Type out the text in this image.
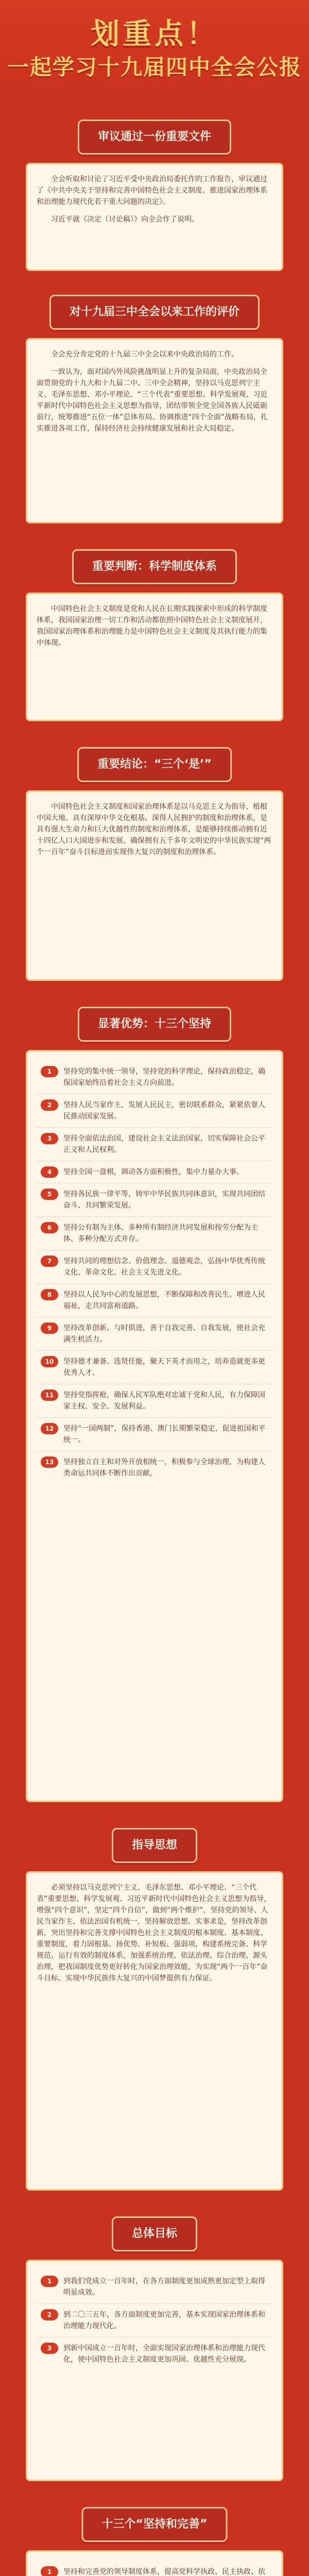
划重点！
一起学习十九届四中全会公报
审议通过一份重要文件

全会听取和讨论了习近平受中央政治局委托作的工作报告，审议通过了《中共中央关于坚持和完善中国特色社会主义制度、推进国家治理体系和治理能力现代化若干重大问题的决定》。

习近平就《决定（讨论稿）》向全会作了说明。

对十九届三中全会以来工作的评价

全会充分肯定党的十九届三中全会以来中央政治局的工作。

一致认为，面对国内外风险挑战明显上升的复杂局面，中央政治局全面贯彻党的十九大和十九届二中、三中全会精神，坚持以马克思列宁主义、毛泽东思想、邓小平理论、“三个代表”重要思想、科学发展观、习近平新时代中国特色社会主义思想为指导，团结带领全党全国各族人民砥砺前行，统筹推进“五位一体”总体布局、协调推进“四个全面”战略布局，扎实推进各项工作，保持经济社会持续健康发展和社会大局稳定。

重要判断：科学制度体系

中国特色社会主义制度是党和人民在长期实践探索中形成的科学制度体系，我国国家治理一切工作和活动都依照中国特色社会主义制度展开，我国国家治理体系和治理能力是中国特色社会主义制度及其执行能力的集中体现。

重要结论：“三个‘是’”

中国特色社会主义制度和国家治理体系是以马克思主义为指导、植根中国大地、具有深厚中华文化根基、深得人民拥护的制度和治理体系，是具有强大生命力和巨大优越性的制度和治理体系，是能够持续推动拥有近十四亿人口大国进步和发展、确保拥有五千多年文明史的中华民族实现“两个一百年”奋斗目标进而实现伟大复兴的制度和治理体系。

显著优势：十三个坚持
1	坚持党的集中统一领导，坚持党的科学理论，保持政治稳定，确保国家始终沿着社会主义方向前进。
2	坚持人民当家作主，发展人民民主，密切联系群众，紧紧依靠人民推动国家发展。
3	坚持全面依法治国，建设社会主义法治国家，切实保障社会公平正义和人民权利。
4	坚持全国一盘棋，调动各方面积极性，集中力量办大事。
5	坚持各民族一律平等，铸牢中华民族共同体意识，实现共同团结奋斗、共同繁荣发展。
6	坚持公有制为主体、多种所有制经济共同发展和按劳分配为主体、多种分配方式并存。
7	坚持共同的理想信念、价值理念、道德观念，弘扬中华优秀传统文化、革命文化、社会主义先进文化。
8	坚持以人民为中心的发展思想，不断保障和改善民生、增进人民福祉，走共同富裕道路。
9	坚持改革创新、与时俱进，善于自我完善、自我发展，使社会充满生机活力。
10	坚持德才兼备、选贤任能，聚天下英才而用之，培养造就更多更优秀人才。
11	坚持党指挥枪，确保人民军队绝对忠诚于党和人民，有力保障国家主权、安全、发展利益。
12	坚持“一国两制”，保持香港、澳门长期繁荣稳定，促进祖国和平统一。
13	坚持独立自主和对外开放相统一，积极参与全球治理，为构建人类命运共同体不断作出贡献。
指导思想

必须坚持以马克思列宁主义、毛泽东思想、邓小平理论、“三个代表”重要思想、科学发展观、习近平新时代中国特色社会主义思想为指导，增强“四个意识”，坚定“四个自信”，做到“两个维护”，坚持党的领导、人民当家作主、依法治国有机统一，坚持解放思想、实事求是，坚持改革创新，突出坚持和完善支撑中国特色社会主义制度的根本制度、基本制度、重要制度，着力固根基、扬优势、补短板、强弱项，构建系统完备、科学规范、运行有效的制度体系，加强系统治理、依法治理、综合治理、源头治理，把我国制度优势更好转化为国家治理效能，为实现“两个一百年”奋斗目标、实现中华民族伟大复兴的中国梦提供有力保证。

总体目标
1	到我们党成立一百年时，在各方面制度更加成熟更加定型上取得明显成效。
2	到二〇三五年，各方面制度更加完善，基本实现国家治理体系和治理能力现代化。
3	到新中国成立一百年时，全面实现国家治理体系和治理能力现代化，使中国特色社会主义制度更加巩固、优越性充分展现。
十三个“坚持和完善”
1	坚持和完善党的领导制度体系，提高党科学执政、民主执政、依
